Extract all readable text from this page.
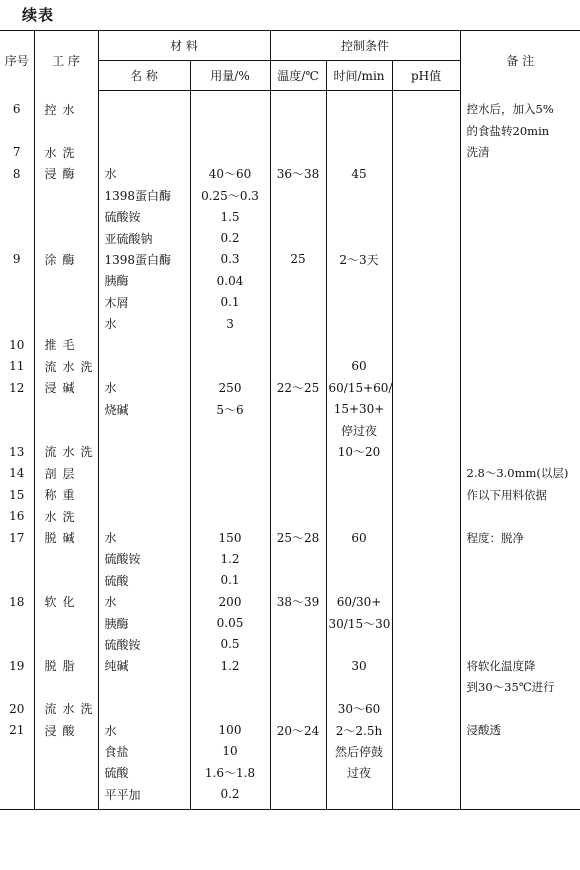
续表
序号	工 序	材 料		控制条件			备 注
		名 称	用量/%	温度/℃	时间/min	pH值	
6	控水						控水后，加入5%
							的食盐转20min
7	水洗						洗清
8	浸酶	水	40～60	36～38	45		
		1398蛋白酶	0.25～0.3				
		硫酸铵	1.5				
		亚硫酸钠	0.2				
9	涂酶	1398蛋白酶	0.3	25	2～3天		
		胰酶	0.04				
		木屑	0.1				
		水	3				
10	推毛						
11	流水洗				60		
12	浸碱	水	250	22～25	60/15+60/		
		烧碱	5～6		15+30+		
					停过夜		
13	流水洗				10～20		
14	剖层						2.8～3.0mm(以层)
15	称重						作以下用料依据
16	水洗						
17	脱碱	水	150	25～28	60		程度：脱净
		硫酸铵	1.2				
		硫酸	0.1				
18	软化	水	200	38～39	60/30+		
		胰酶	0.05		30/15～30		
		硫酸铵	0.5				
19	脱脂	纯碱	1.2		30		将软化温度降
							到30～35℃进行
20	流水洗				30～60		
21	浸酸	水	100	20～24	2～2.5h		浸酸透
		食盐	10		然后停鼓		
		硫酸	1.6～1.8		过夜		
		平平加	0.2				
